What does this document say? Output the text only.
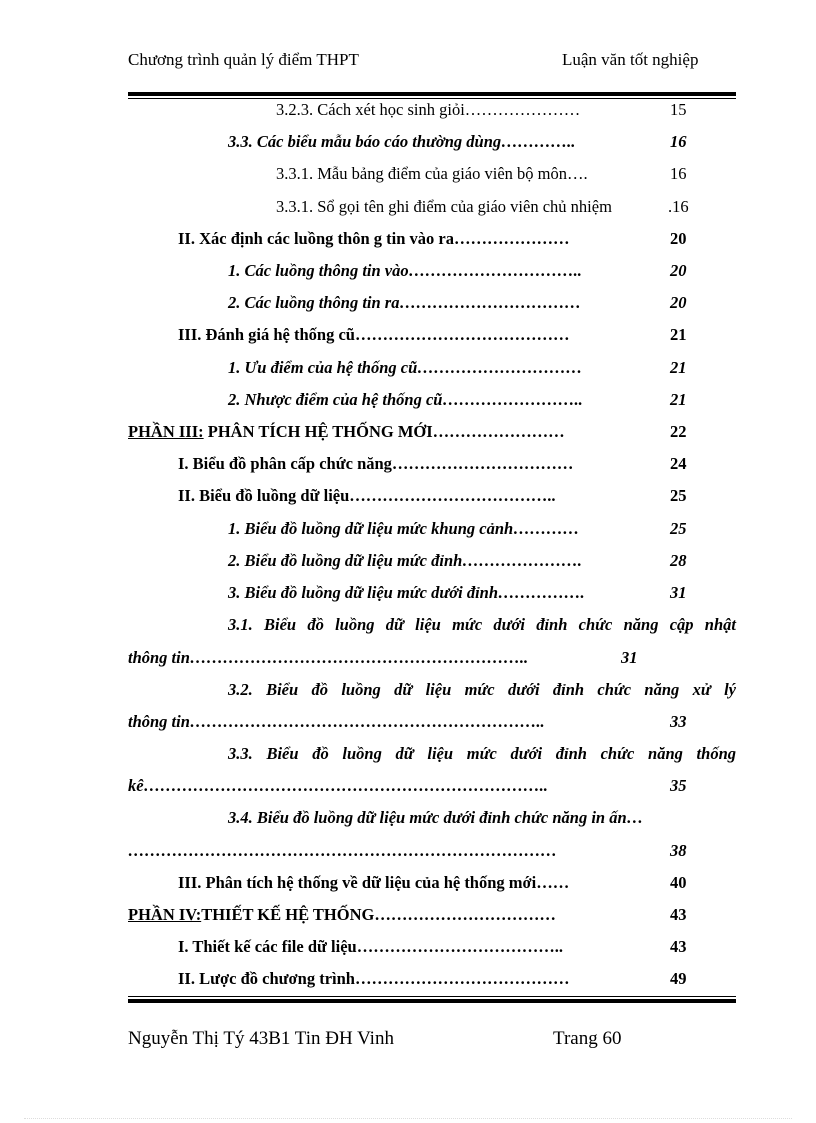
Chương trình quản lý điểm THPT	Luận văn tốt nghiệp
3.2.3. Cách xét học sinh giỏi…………………	15
3.3. Các biểu mẫu báo cáo thường dùng…………..	16
3.3.1. Mẫu bảng điểm của giáo viên bộ môn….	16
3.3.1. Sổ gọi tên ghi điểm của giáo viên chủ nhiệm	.16
II. Xác định các luồng thôn g tin vào ra…………………	20
1. Các luồng thông tin vào…………………………..	20
2. Các luồng thông tin ra……………………………	20
III. Đánh giá hệ thống cũ…………………………………	21
1. Ưu điểm của hệ thống cũ…………………………	21
2. Nhược điểm của hệ thống cũ……………………..	21
PHẦN III: PHÂN TÍCH HỆ THỐNG MỚI……………………	22
I. Biểu đồ phân cấp chức năng……………………………	24
II. Biểu đồ luồng dữ liệu………………………………..	25
1. Biểu đồ luồng dữ liệu mức khung cảnh…………	25
2. Biểu đồ luồng dữ liệu mức đỉnh………………….	28
3. Biểu đồ luồng dữ liệu mức dưới đỉnh…………….	31
3.1. Biểu đồ luồng dữ liệu mức dưới đỉnh chức năng cập nhật
thông tin……………………………………………………..	31
3.2. Biểu đồ luồng dữ liệu mức dưới đỉnh chức năng xử lý
thông tin………………………………………………………..	33
3.3. Biểu đồ luồng dữ liệu mức dưới đỉnh chức năng thống
kê………………………………………………………………..	35
3.4. Biểu đồ luồng dữ liệu mức dưới đỉnh chức năng in ấn…
……………………………………………………………………	38
III. Phân tích hệ thống về dữ liệu của hệ thống mới……	40
PHẦN IV:THIẾT KẾ HỆ THỐNG……………………………	43
I. Thiết kế các file dữ liệu………………………………..	43
II. Lược đồ chương trình…………………………………	49
Nguyễn Thị Tý 43B1 Tin ĐH Vinh	Trang 60
